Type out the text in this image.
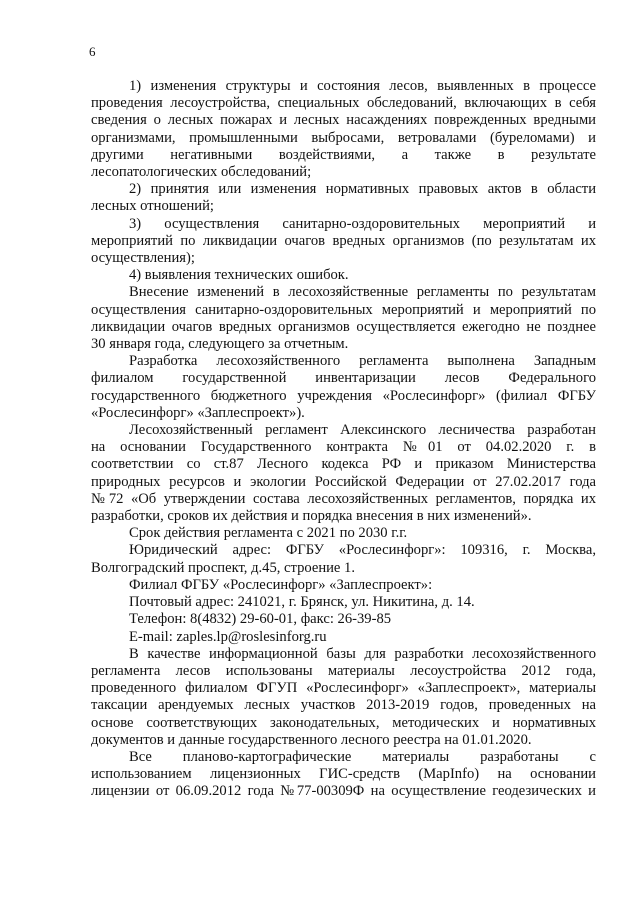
6
1) изменения структуры и состояния лесов, выявленных в процессе
проведения лесоустройства, специальных обследований, включающих в себя
сведения о лесных пожарах и лесных насаждениях поврежденных вредными
организмами, промышленными выбросами, ветровалами (буреломами) и
другими негативными воздействиями, а также в результате
лесопатологических обследований;
2) принятия или изменения нормативных правовых актов в области
лесных отношений;
3) осуществления санитарно-оздоровительных мероприятий и
мероприятий по ликвидации очагов вредных организмов (по результатам их
осуществления);
4) выявления технических ошибок.
Внесение изменений в лесохозяйственные регламенты по результатам
осуществления санитарно-оздоровительных мероприятий и мероприятий по
ликвидации очагов вредных организмов осуществляется ежегодно не позднее
30 января года, следующего за отчетным.
Разработка лесохозяйственного регламента выполнена Западным
филиалом государственной инвентаризации лесов Федерального
государственного бюджетного учреждения «Рослесинфорг» (филиал ФГБУ
«Рослесинфорг» «Заплеспроект»).
Лесохозяйственный регламент Алексинского лесничества разработан
на основании Государственного контракта №01 от 04.02.2020 г. в
соответствии со ст.87 Лесного кодекса РФ и приказом Министерства
природных ресурсов и экологии Российской Федерации от 27.02.2017 года
№72 «Об утверждении состава лесохозяйственных регламентов, порядка их
разработки, сроков их действия и порядка внесения в них изменений».
Срок действия регламента с 2021 по 2030 г.г.
Юридический адрес: ФГБУ «Рослесинфорг»: 109316, г. Москва,
Волгоградский проспект, д.45, строение 1.
Филиал ФГБУ «Рослесинфорг» «Заплеспроект»:
Почтовый адрес: 241021, г. Брянск, ул. Никитина, д. 14.
Телефон: 8(4832) 29-60-01, факс: 26-39-85
E-mail: zaples.lp@roslesinforg.ru
В качестве информационной базы для разработки лесохозяйственного
регламента лесов использованы материалы лесоустройства 2012 года,
проведенного филиалом ФГУП «Рослесинфорг» «Заплеспроект», материалы
таксации арендуемых лесных участков 2013-2019 годов, проведенных на
основе соответствующих законодательных, методических и нормативных
документов и данные государственного лесного реестра на 01.01.2020.
Все планово-картографические материалы разработаны с
использованием лицензионных ГИС-средств (MapInfo) на основании
лицензии от 06.09.2012 года №77-00309Ф на осуществление геодезических и
